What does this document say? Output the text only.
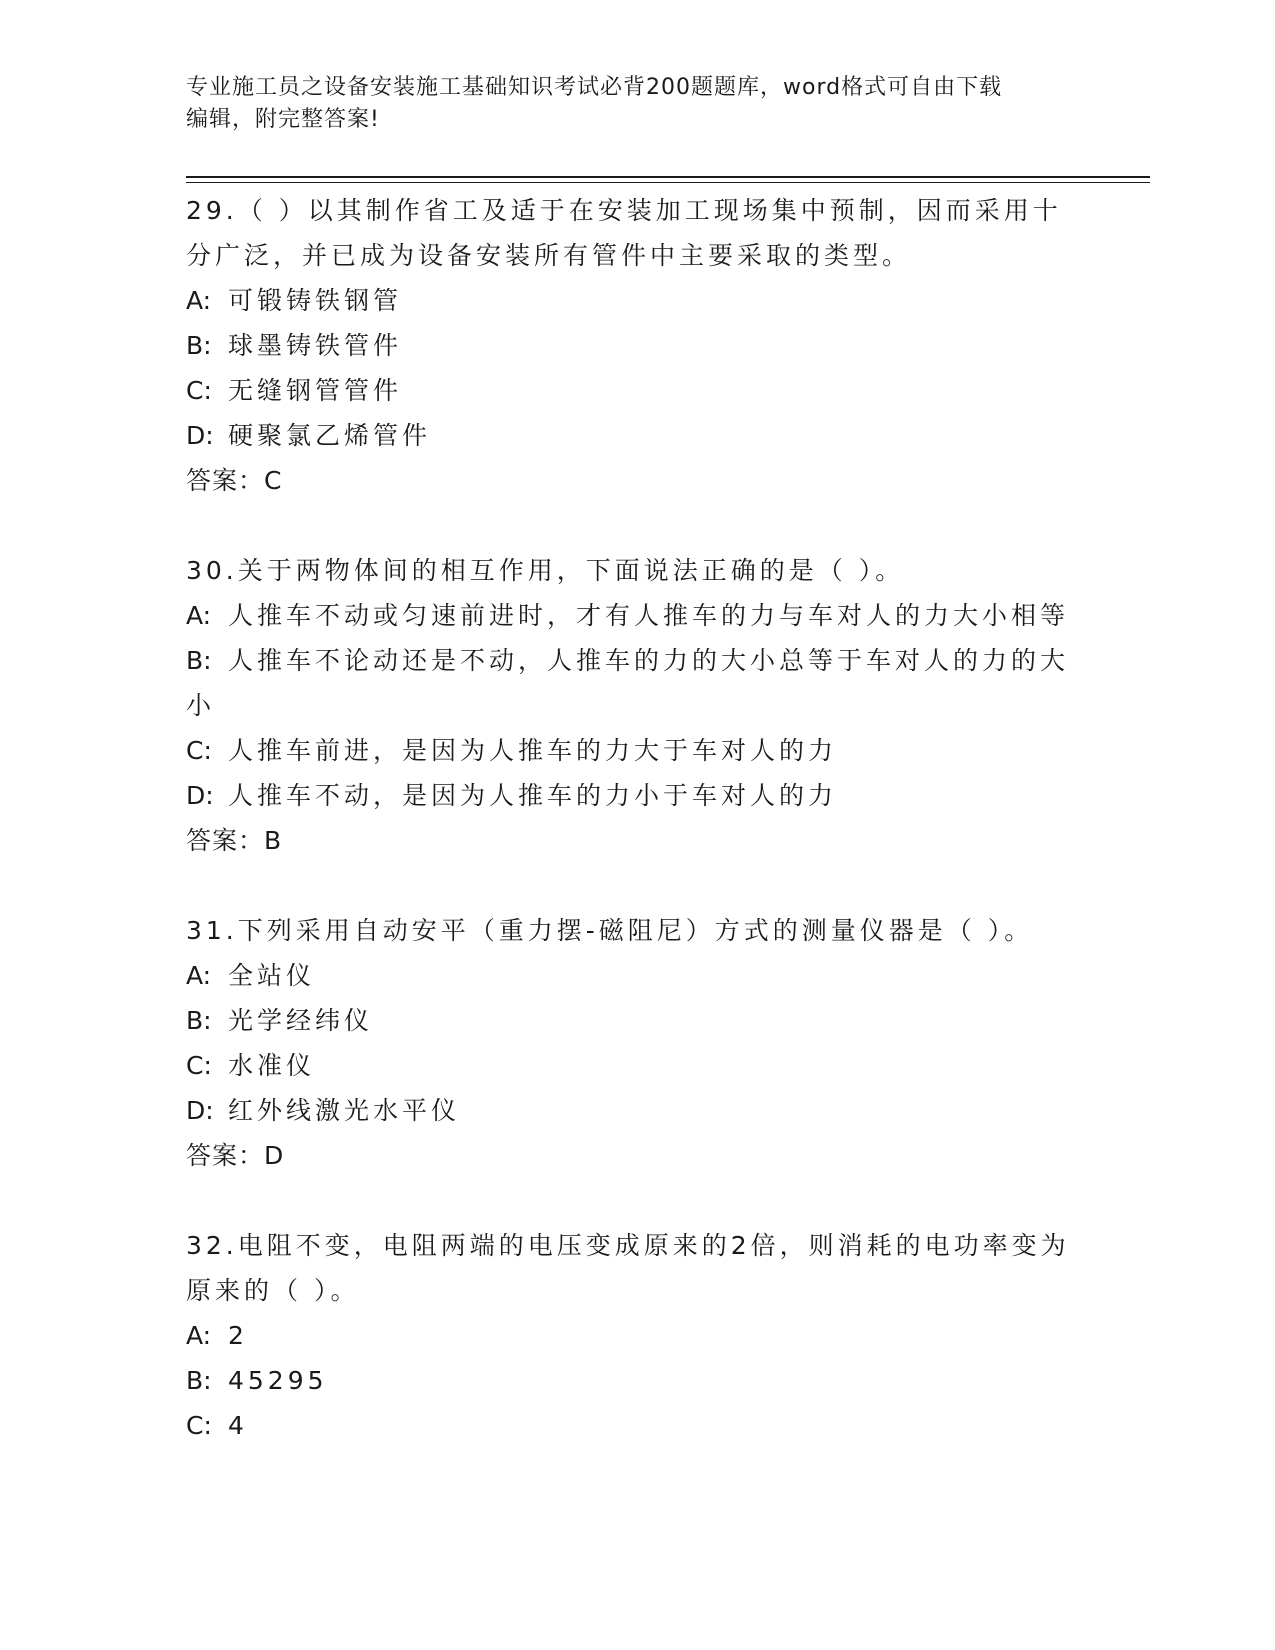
专业施工员之设备安装施工基础知识考试必背200题题库，word格式可自由下载
编辑，附完整答案!

29.（ ）以其制作省工及适于在安装加工现场集中预制，因而采用十分广泛，并已成为设备安装所有管件中主要采取的类型。

A: 可锻铸铁钢管

B: 球墨铸铁管件

C: 无缝钢管管件

D: 硬聚氯乙烯管件

答案：C

30.关于两物体间的相互作用，下面说法正确的是（ ）。

A: 人推车不动或匀速前进时，才有人推车的力与车对人的力大小相等

B: 人推车不论动还是不动，人推车的力的大小总等于车对人的力的大小

C: 人推车前进，是因为人推车的力大于车对人的力

D: 人推车不动，是因为人推车的力小于车对人的力

答案：B

31.下列采用自动安平（重力摆-磁阻尼）方式的测量仪器是（ ）。

A: 全站仪

B: 光学经纬仪

C: 水准仪

D: 红外线激光水平仪

答案：D

32.电阻不变，电阻两端的电压变成原来的2倍，则消耗的电功率变为原来的（ ）。

A: 2

B: 45295

C: 4
